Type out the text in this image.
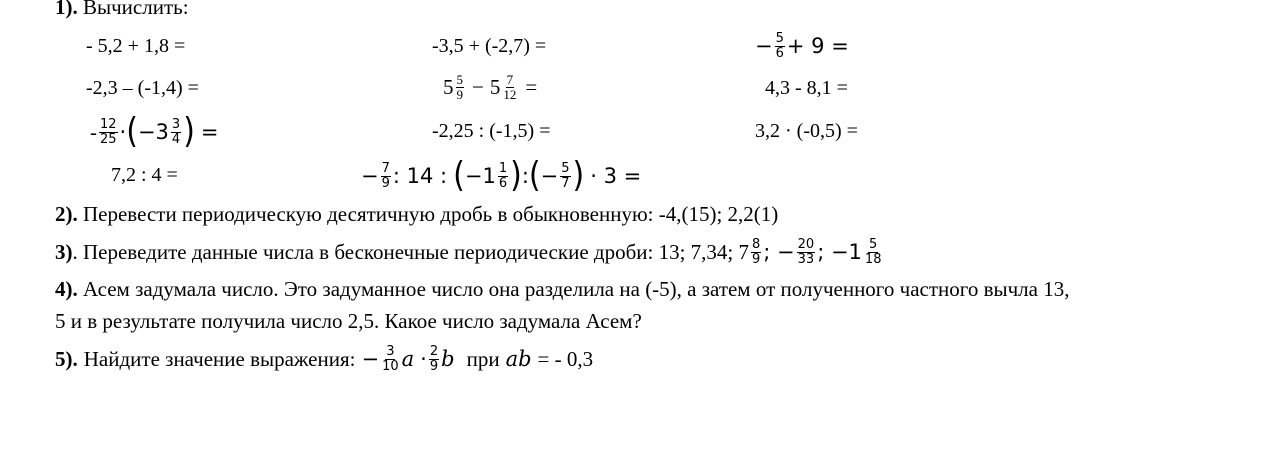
1). Вычислить:
- 5,2 + 1,8 =	-3,5 + (-2,7) =	− $\frac{5}{6} + 9$ =
-2,3 – (-1,4) =	$5 \frac{5}{9} - 5 \frac{7}{12}$ =	4,3 - 8,1 =
- $\frac{12}{25}$ · ( $-3 \frac{3}{4}$ ) =	-2,25 : (-1,5) =	3,2 · (-0,5) =
7,2 : 4 =	− $\frac{7}{9}$ : 14 : ( $-1 \frac{1}{6}$ ) : ( − $\frac{5}{7}$ ) · 3 =
2). Перевести периодическую десятичную дробь в обыкновенную: -4,(15); 2,2(1)
3) . Переведите данные числа в бесконечные периодические дроби: 13; 7,34; $7 \frac{8}{9}$ ; − $\frac{20}{33}$ ; $-1 \frac{5}{18}$
4). Асем задумала число. Это задуманное число она разделила на (-5), а затем от полученного частного вычла 13,
5 и в результате получила число 2,5. Какое число задумала Асем?
5). Найдите значение выражения: − $\frac{3}{10}$ $a \cdot \frac{2}{9}$ b при ab = - 0,3
